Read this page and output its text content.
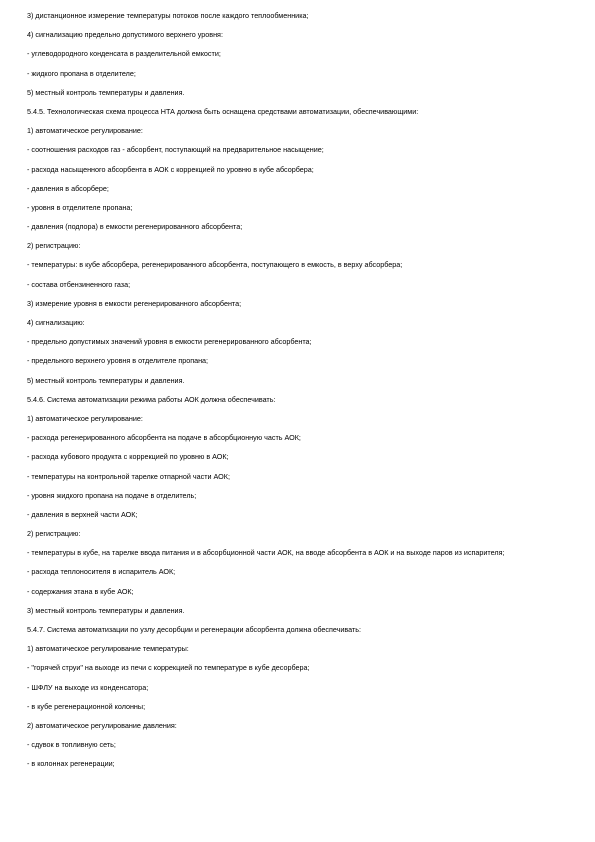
3) дистанционное измерение температуры потоков после каждого теплообменника;

4) сигнализацию предельно допустимого верхнего уровня:

- углеводородного конденсата в разделительной емкости;

- жидкого пропана в отделителе;

5) местный контроль температуры и давления.

5.4.5. Технологическая схема процесса НТА должна быть оснащена средствами автоматизации, обеспечивающими:

1) автоматическое регулирование:

- соотношения расходов газ - абсорбент, поступающий на предварительное насыщение;

- расхода насыщенного абсорбента в АОК с коррекцией по уровню в кубе абсорбера;

- давления в абсорбере;

- уровня в отделителе пропана;

- давления (подпора) в емкости регенерированного абсорбента;

2) регистрацию:

- температуры: в кубе абсорбера, регенерированного абсорбента, поступающего в емкость, в верху абсорбера;

- состава отбензиненного газа;

3) измерение уровня в емкости регенерированного абсорбента;

4) сигнализацию:

- предельно допустимых значений уровня в емкости регенерированного абсорбента;

- предельного верхнего уровня в отделителе пропана;

5) местный контроль температуры и давления.

5.4.6. Система автоматизации режима работы АОК должна обеспечивать:

1) автоматическое регулирование:

- расхода регенерированного абсорбента на подаче в абсорбционную часть АОК;

- расхода кубового продукта с коррекцией по уровню в АОК;

- температуры на контрольной тарелке отпарной части АОК;

- уровня жидкого пропана на подаче в отделитель;

- давления в верхней части АОК;

2) регистрацию:

- температуры в кубе, на тарелке ввода питания и в абсорбционной части АОК, на вводе абсорбента в АОК и на выходе паров из испарителя;

- расхода теплоносителя в испаритель АОК;

- содержания этана в кубе АОК;

3) местный контроль температуры и давления.

5.4.7. Система автоматизации по узлу десорбции и регенерации абсорбента должна обеспечивать:

1) автоматическое регулирование температуры:

- "горячей струи" на выходе из печи с коррекцией по температуре в кубе десорбера;

- ШФЛУ на выходе из конденсатора;

- в кубе регенерационной колонны;

2) автоматическое регулирование давления:

- сдувок в топливную сеть;

- в колоннах регенерации;
